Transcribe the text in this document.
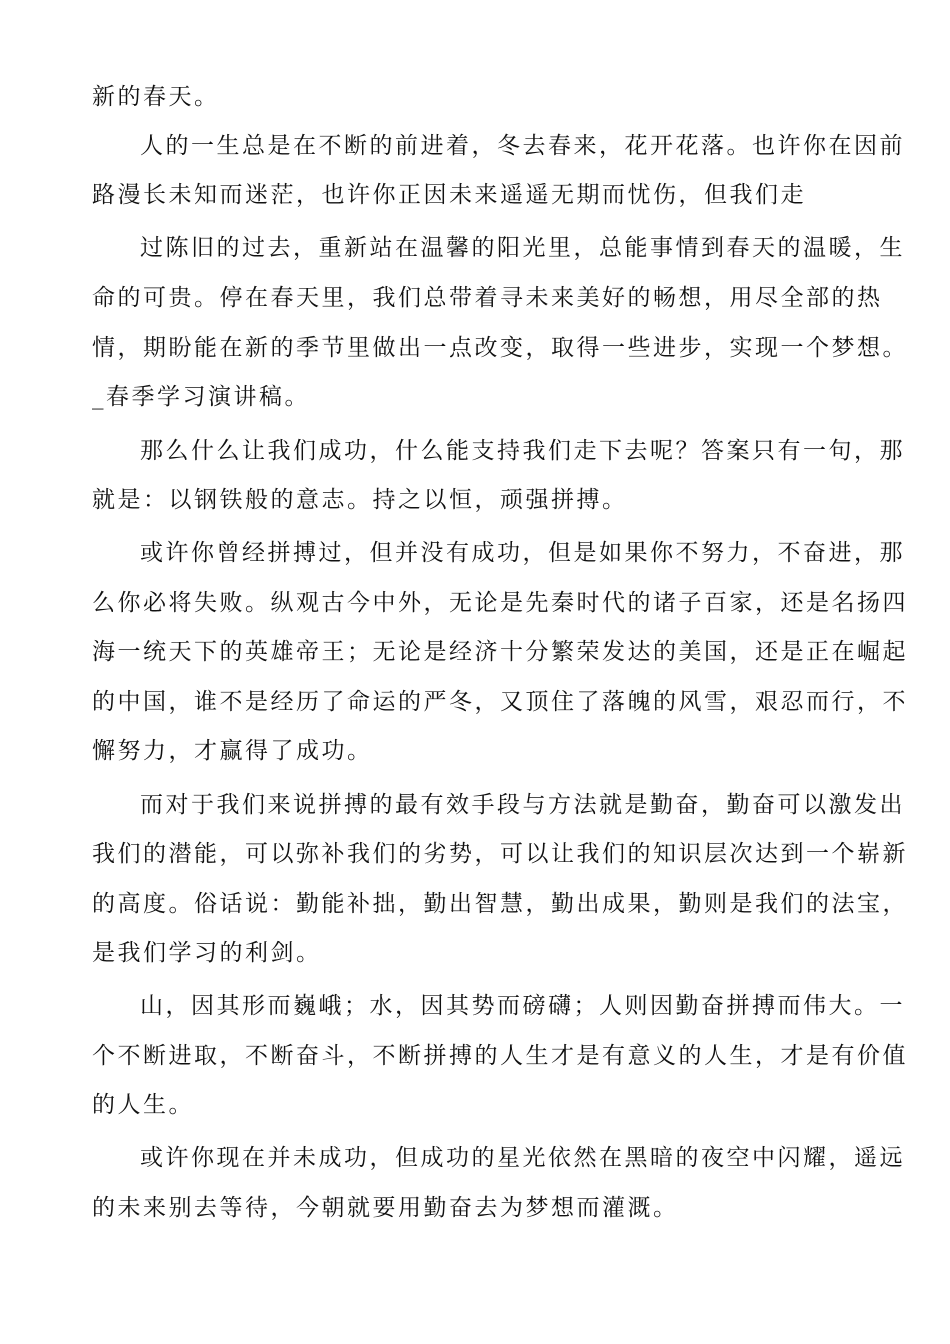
新的春天。
人的一生总是在不断的前进着，冬去春来，花开花落。也许你在因前
路漫长未知而迷茫，也许你正因未来遥遥无期而忧伤，但我们走
过陈旧的过去，重新站在温馨的阳光里，总能事情到春天的温暖，生
命的可贵。停在春天里，我们总带着寻未来美好的畅想，用尽全部的热
情，期盼能在新的季节里做出一点改变，取得一些进步，实现一个梦想。
_春季学习演讲稿。
那么什么让我们成功，什么能支持我们走下去呢？答案只有一句，那
就是：以钢铁般的意志。持之以恒，顽强拼搏。
或许你曾经拼搏过，但并没有成功，但是如果你不努力，不奋进，那
么你必将失败。纵观古今中外，无论是先秦时代的诸子百家，还是名扬四
海一统天下的英雄帝王；无论是经济十分繁荣发达的美国，还是正在崛起
的中国，谁不是经历了命运的严冬，又顶住了落魄的风雪，艰忍而行，不
懈努力，才赢得了成功。
而对于我们来说拼搏的最有效手段与方法就是勤奋，勤奋可以激发出
我们的潜能，可以弥补我们的劣势，可以让我们的知识层次达到一个崭新
的高度。俗话说：勤能补拙，勤出智慧，勤出成果，勤则是我们的法宝，
是我们学习的利剑。
山，因其形而巍峨；水，因其势而磅礴；人则因勤奋拼搏而伟大。一
个不断进取，不断奋斗，不断拼搏的人生才是有意义的人生，才是有价值
的人生。
或许你现在并未成功，但成功的星光依然在黑暗的夜空中闪耀，遥远
的未来别去等待，今朝就要用勤奋去为梦想而灌溉。
